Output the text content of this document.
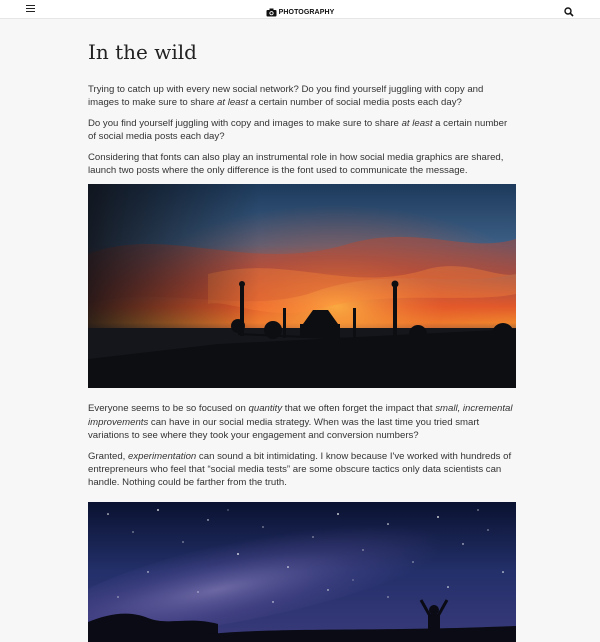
PHOTOGRAPHY
In the wild

Trying to catch up with every new social network? Do you find yourself juggling with copy and images to make sure to share at least a certain number of social media posts each day?

Do you find yourself juggling with copy and images to make sure to share at least a certain number of social media posts each day?

Considering that fonts can also play an instrumental role in how social media graphics are shared, launch two posts where the only difference is the font used to communicate the message.

Everyone seems to be so focused on quantity that we often forget the impact that small, incremental improvements can have in our social media strategy. When was the last time you tried smart variations to see where they took your engagement and conversion numbers?

Granted, experimentation can sound a bit intimidating. I know because I've worked with hundreds of entrepreneurs who feel that “social media tests” are some obscure tactics only data scientists can handle. Nothing could be farther from the truth.
